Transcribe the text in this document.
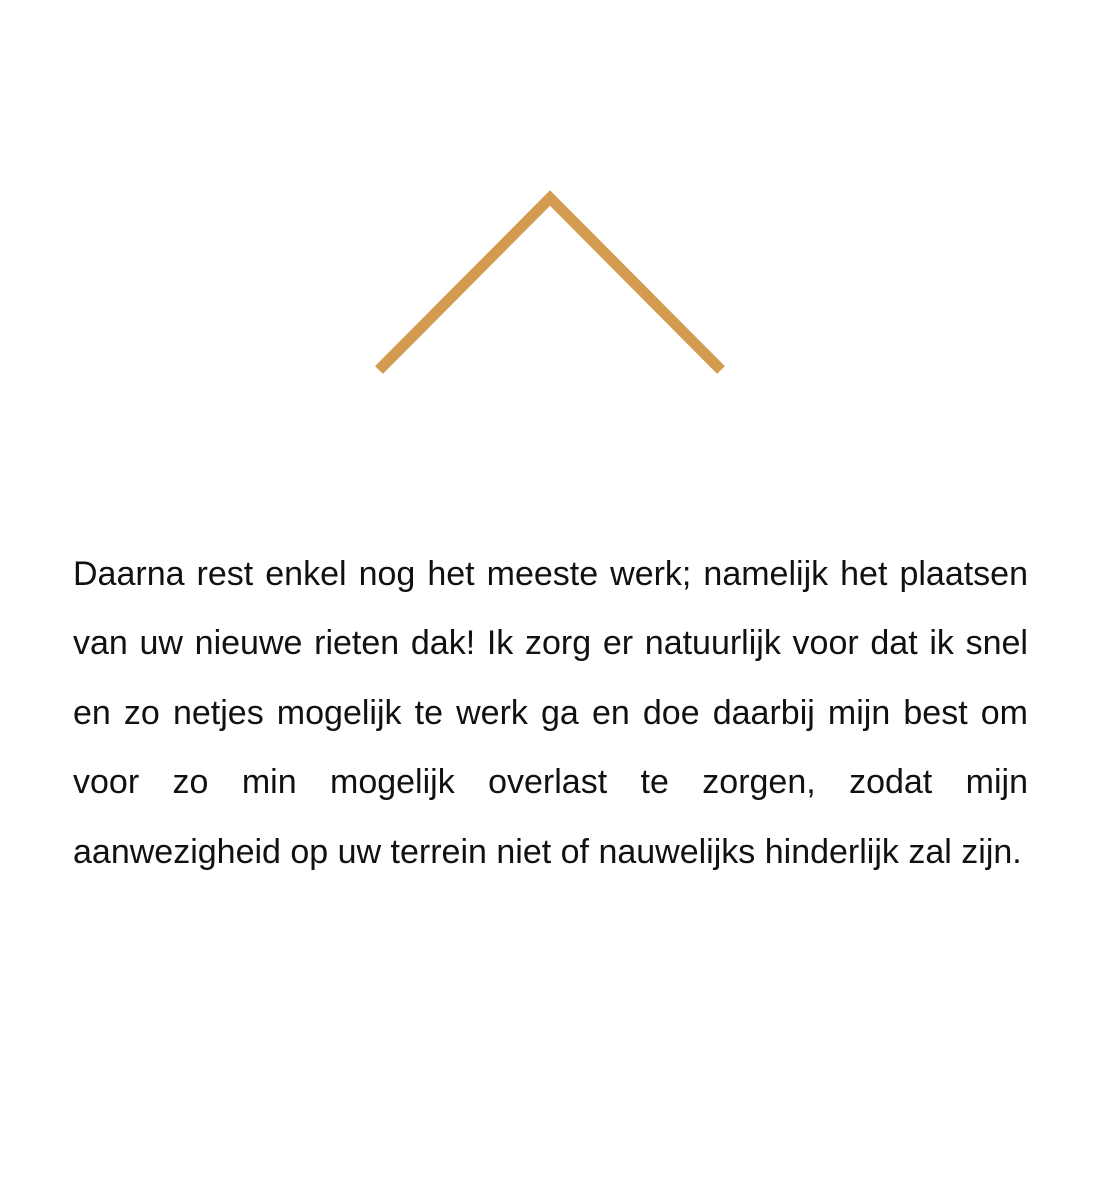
Daarna rest enkel nog het meeste werk; namelijk het plaatsen van uw nieuwe rieten dak! Ik zorg er natuurlijk voor dat ik snel en zo netjes mogelijk te werk ga en doe daarbij mijn best om voor zo min mogelijk overlast te zorgen, zodat mijn aanwezigheid op uw terrein niet of nauwelijks hinderlijk zal zijn.
